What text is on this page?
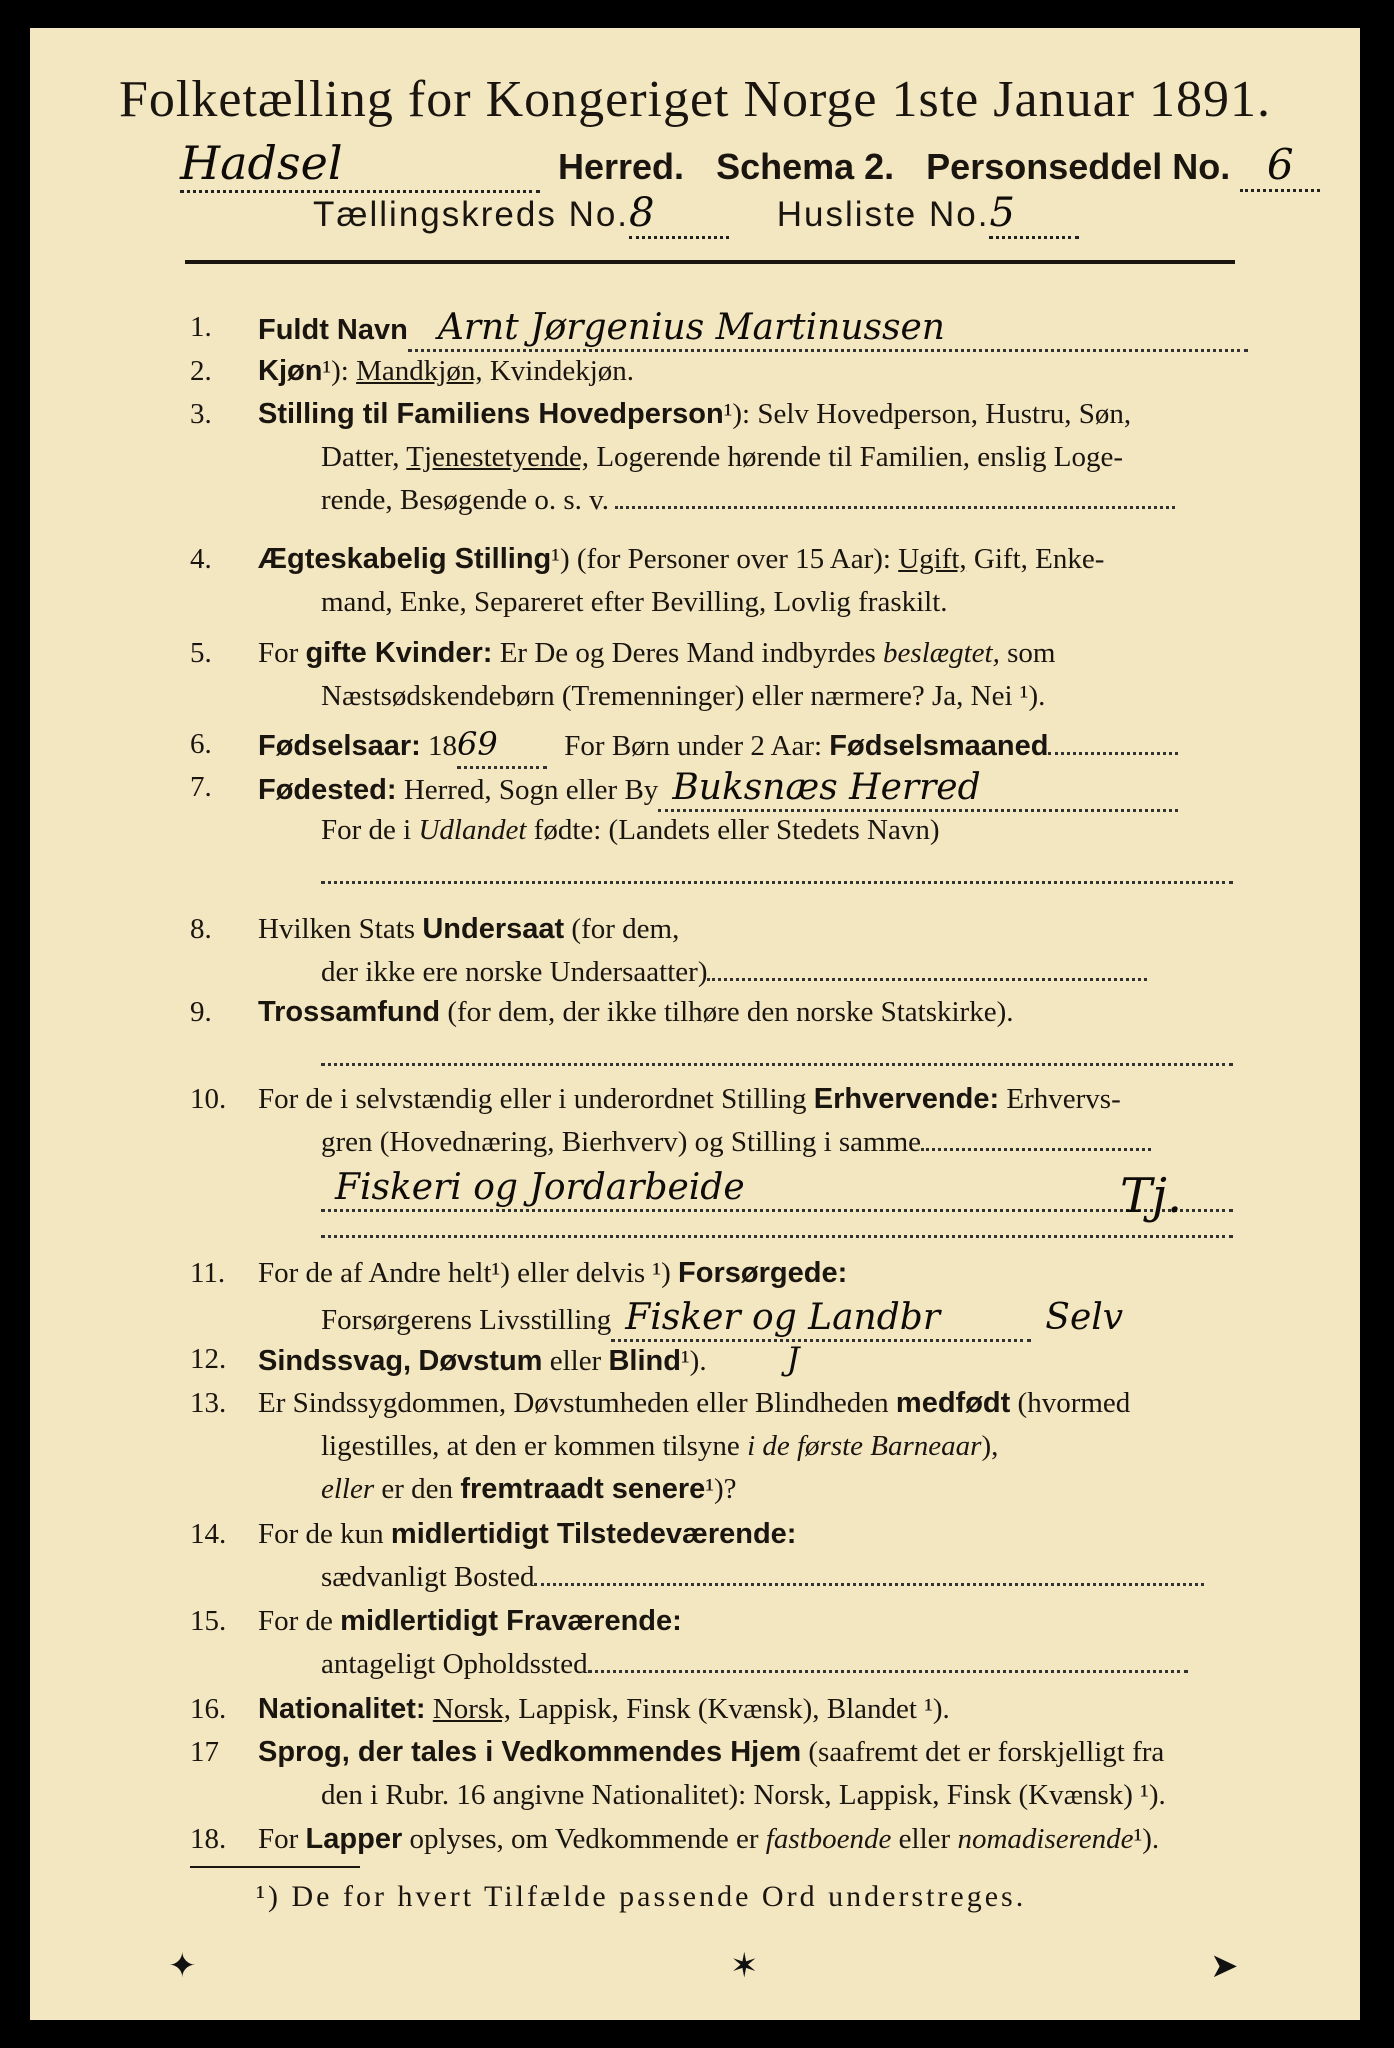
Folketælling for Kongeriget Norge 1ste Januar 1891.
Hadsel	Herred. Schema 2. Personseddel No. 6
Tællingskreds No.8	Husliste No.5
1.	Fuldt Navn Arnt Jørgenius Martinussen
2.	Kjøn¹): Mandkjøn, Kvindekjøn.
3.	Stilling til Familiens Hovedperson¹): Selv Hovedperson, Hustru, Søn,
Datter, Tjenestetyende, Logerende hørende til Familien, enslig Loge-
rende, Besøgende o. s. v.
4.	Ægteskabelig Stilling¹) (for Personer over 15 Aar): Ugift, Gift, Enke-
mand, Enke, Separeret efter Bevilling, Lovlig fraskilt.
5.	For gifte Kvinder: Er De og Deres Mand indbyrdes beslægtet, som
Næstsødskendebørn (Tremenninger) eller nærmere? Ja, Nei ¹).
6.	Fødselsaar: 1869 For Børn under 2 Aar: Fødselsmaaned
7.	Fødested: Herred, Sogn eller By Buksnæs Herred
For de i Udlandet fødte: (Landets eller Stedets Navn)
8.	Hvilken Stats Undersaat (for dem,
der ikke ere norske Undersaatter)
9.	Trossamfund (for dem, der ikke tilhøre den norske Statskirke).
10.	For de i selvstændig eller i underordnet Stilling Erhvervende: Erhvervs-
gren (Hovednæring, Bierhverv) og Stilling i samme
Fiskeri og Jordarbeide	Tj.
11.	For de af Andre helt¹) eller delvis ¹) Forsørgede:
Forsørgerens Livsstilling Fisker og Landbr	Selv
12.	Sindssvag, Døvstum eller Blind¹).	J
13.	Er Sindssygdommen, Døvstumheden eller Blindheden medfødt (hvormed
ligestilles, at den er kommen tilsyne i de første Barneaar),
eller er den fremtraadt senere¹)?
14.	For de kun midlertidigt Tilstedeværende:
sædvanligt Bosted
15.	For de midlertidigt Fraværende:
antageligt Opholdssted
16.	Nationalitet: Norsk, Lappisk, Finsk (Kvænsk), Blandet ¹).
17	Sprog, der tales i Vedkommendes Hjem (saafremt det er forskjelligt fra
den i Rubr. 16 angivne Nationalitet): Norsk, Lappisk, Finsk (Kvænsk) ¹).
18.	For Lapper oplyses, om Vedkommende er fastboende eller nomadiserende¹).
¹) De for hvert Tilfælde passende Ord understreges.
✦	✶	➤
